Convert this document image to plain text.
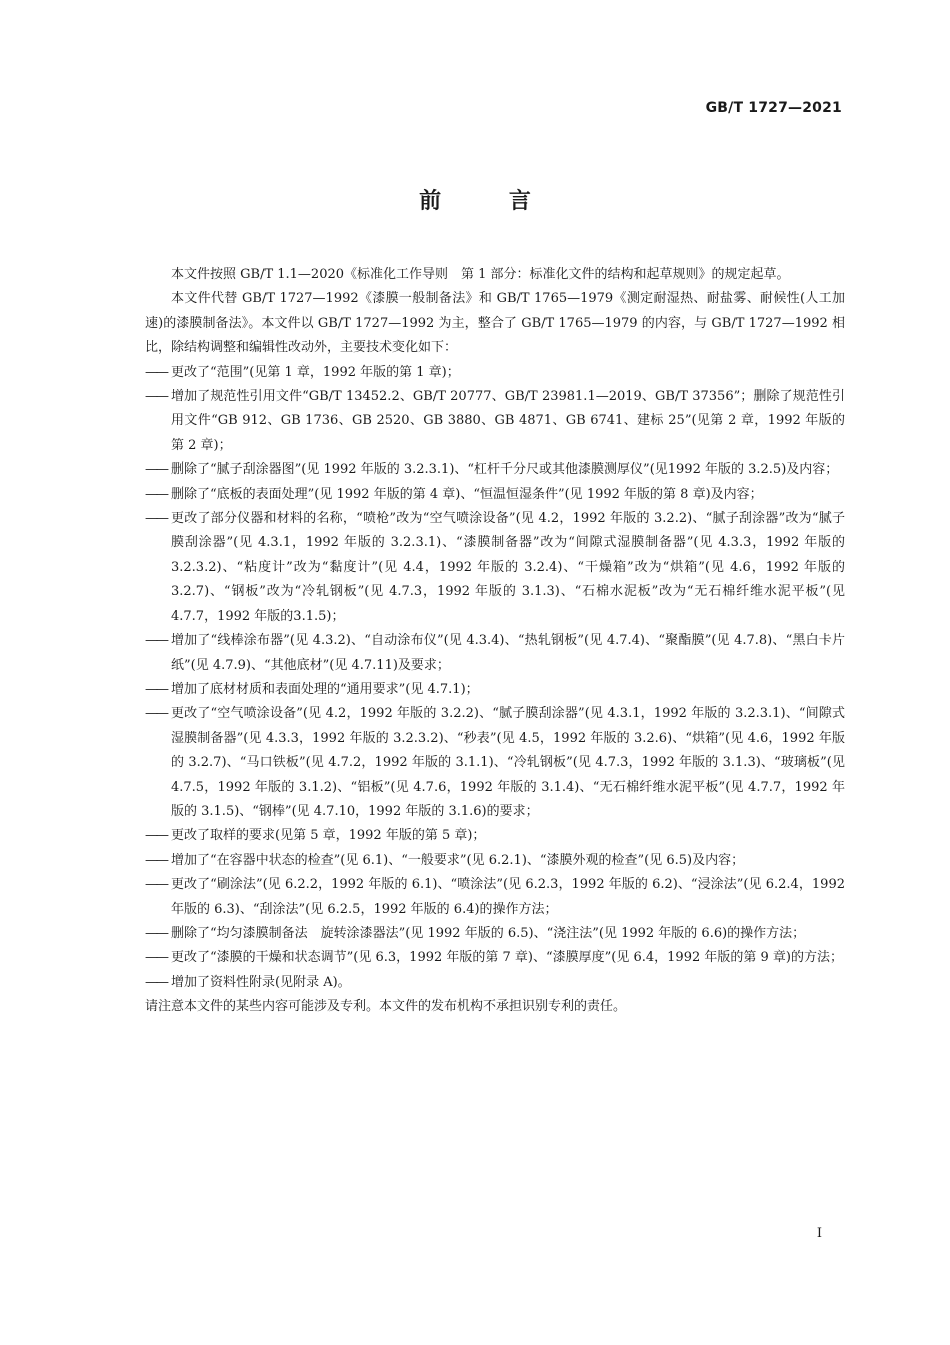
GB/T 1727—2021
前 言

本文件按照 GB/T 1.1—2020《标准化工作导则　第 1 部分：标准化文件的结构和起草规则》的规定起草。

本文件代替 GB/T 1727—1992《漆膜一般制备法》和 GB/T 1765—1979《测定耐湿热、耐盐雾、耐候性(人工加速)的漆膜制备法》。本文件以 GB/T 1727—1992 为主，整合了 GB/T 1765—1979 的内容，与 GB/T 1727—1992 相比，除结构调整和编辑性改动外，主要技术变化如下：

—— 更改了“范围”(见第 1 章，1992 年版的第 1 章)；
—— 增加了规范性引用文件“GB/T 13452.2、GB/T 20777、GB/T 23981.1—2019、GB/T 37356”；删除了规范性引用文件“GB 912、GB 1736、GB 2520、GB 3880、GB 4871、GB 6741、建标 25”(见第 2 章，1992 年版的第 2 章)；
—— 删除了“腻子刮涂器图”(见 1992 年版的 3.2.3.1)、“杠杆千分尺或其他漆膜测厚仪”(见1992 年版的 3.2.5)及内容；
—— 删除了“底板的表面处理”(见 1992 年版的第 4 章)、“恒温恒湿条件”(见 1992 年版的第 8 章)及内容；
—— 更改了部分仪器和材料的名称，“喷枪”改为“空气喷涂设备”(见 4.2，1992 年版的 3.2.2)、“腻子刮涂器”改为“腻子膜刮涂器”(见 4.3.1，1992 年版的 3.2.3.1)、“漆膜制备器”改为“间隙式湿膜制备器”(见 4.3.3，1992 年版的 3.2.3.2)、“粘度计”改为“黏度计”(见 4.4，1992 年版的 3.2.4)、“干燥箱”改为“烘箱”(见 4.6，1992 年版的 3.2.7)、“钢板”改为“冷轧钢板”(见 4.7.3，1992 年版的 3.1.3)、“石棉水泥板”改为“无石棉纤维水泥平板”(见 4.7.7，1992 年版的3.1.5)；
—— 增加了“线棒涂布器”(见 4.3.2)、“自动涂布仪”(见 4.3.4)、“热轧钢板”(见 4.7.4)、“聚酯膜”(见 4.7.8)、“黑白卡片纸”(见 4.7.9)、“其他底材”(见 4.7.11)及要求；
—— 增加了底材材质和表面处理的“通用要求”(见 4.7.1)；
—— 更改了“空气喷涂设备”(见 4.2，1992 年版的 3.2.2)、“腻子膜刮涂器”(见 4.3.1，1992 年版的 3.2.3.1)、“间隙式湿膜制备器”(见 4.3.3，1992 年版的 3.2.3.2)、“秒表”(见 4.5，1992 年版的 3.2.6)、“烘箱”(见 4.6，1992 年版的 3.2.7)、“马口铁板”(见 4.7.2，1992 年版的 3.1.1)、“冷轧钢板”(见 4.7.3，1992 年版的 3.1.3)、“玻璃板”(见 4.7.5，1992 年版的 3.1.2)、“铝板”(见 4.7.6，1992 年版的 3.1.4)、“无石棉纤维水泥平板”(见 4.7.7，1992 年版的 3.1.5)、“钢棒”(见 4.7.10，1992 年版的 3.1.6)的要求；
—— 更改了取样的要求(见第 5 章，1992 年版的第 5 章)；
—— 增加了“在容器中状态的检查”(见 6.1)、“一般要求”(见 6.2.1)、“漆膜外观的检查”(见 6.5)及内容；
—— 更改了“刷涂法”(见 6.2.2，1992 年版的 6.1)、“喷涂法”(见 6.2.3，1992 年版的 6.2)、“浸涂法”(见 6.2.4，1992 年版的 6.3)、“刮涂法”(见 6.2.5，1992 年版的 6.4)的操作方法；
—— 删除了“均匀漆膜制备法　旋转涂漆器法”(见 1992 年版的 6.5)、“浇注法”(见 1992 年版的 6.6)的操作方法；
—— 更改了“漆膜的干燥和状态调节”(见 6.3，1992 年版的第 7 章)、“漆膜厚度”(见 6.4，1992 年版的第 9 章)的方法；
—— 增加了资料性附录(见附录 A)。

请注意本文件的某些内容可能涉及专利。本文件的发布机构不承担识别专利的责任。

I
